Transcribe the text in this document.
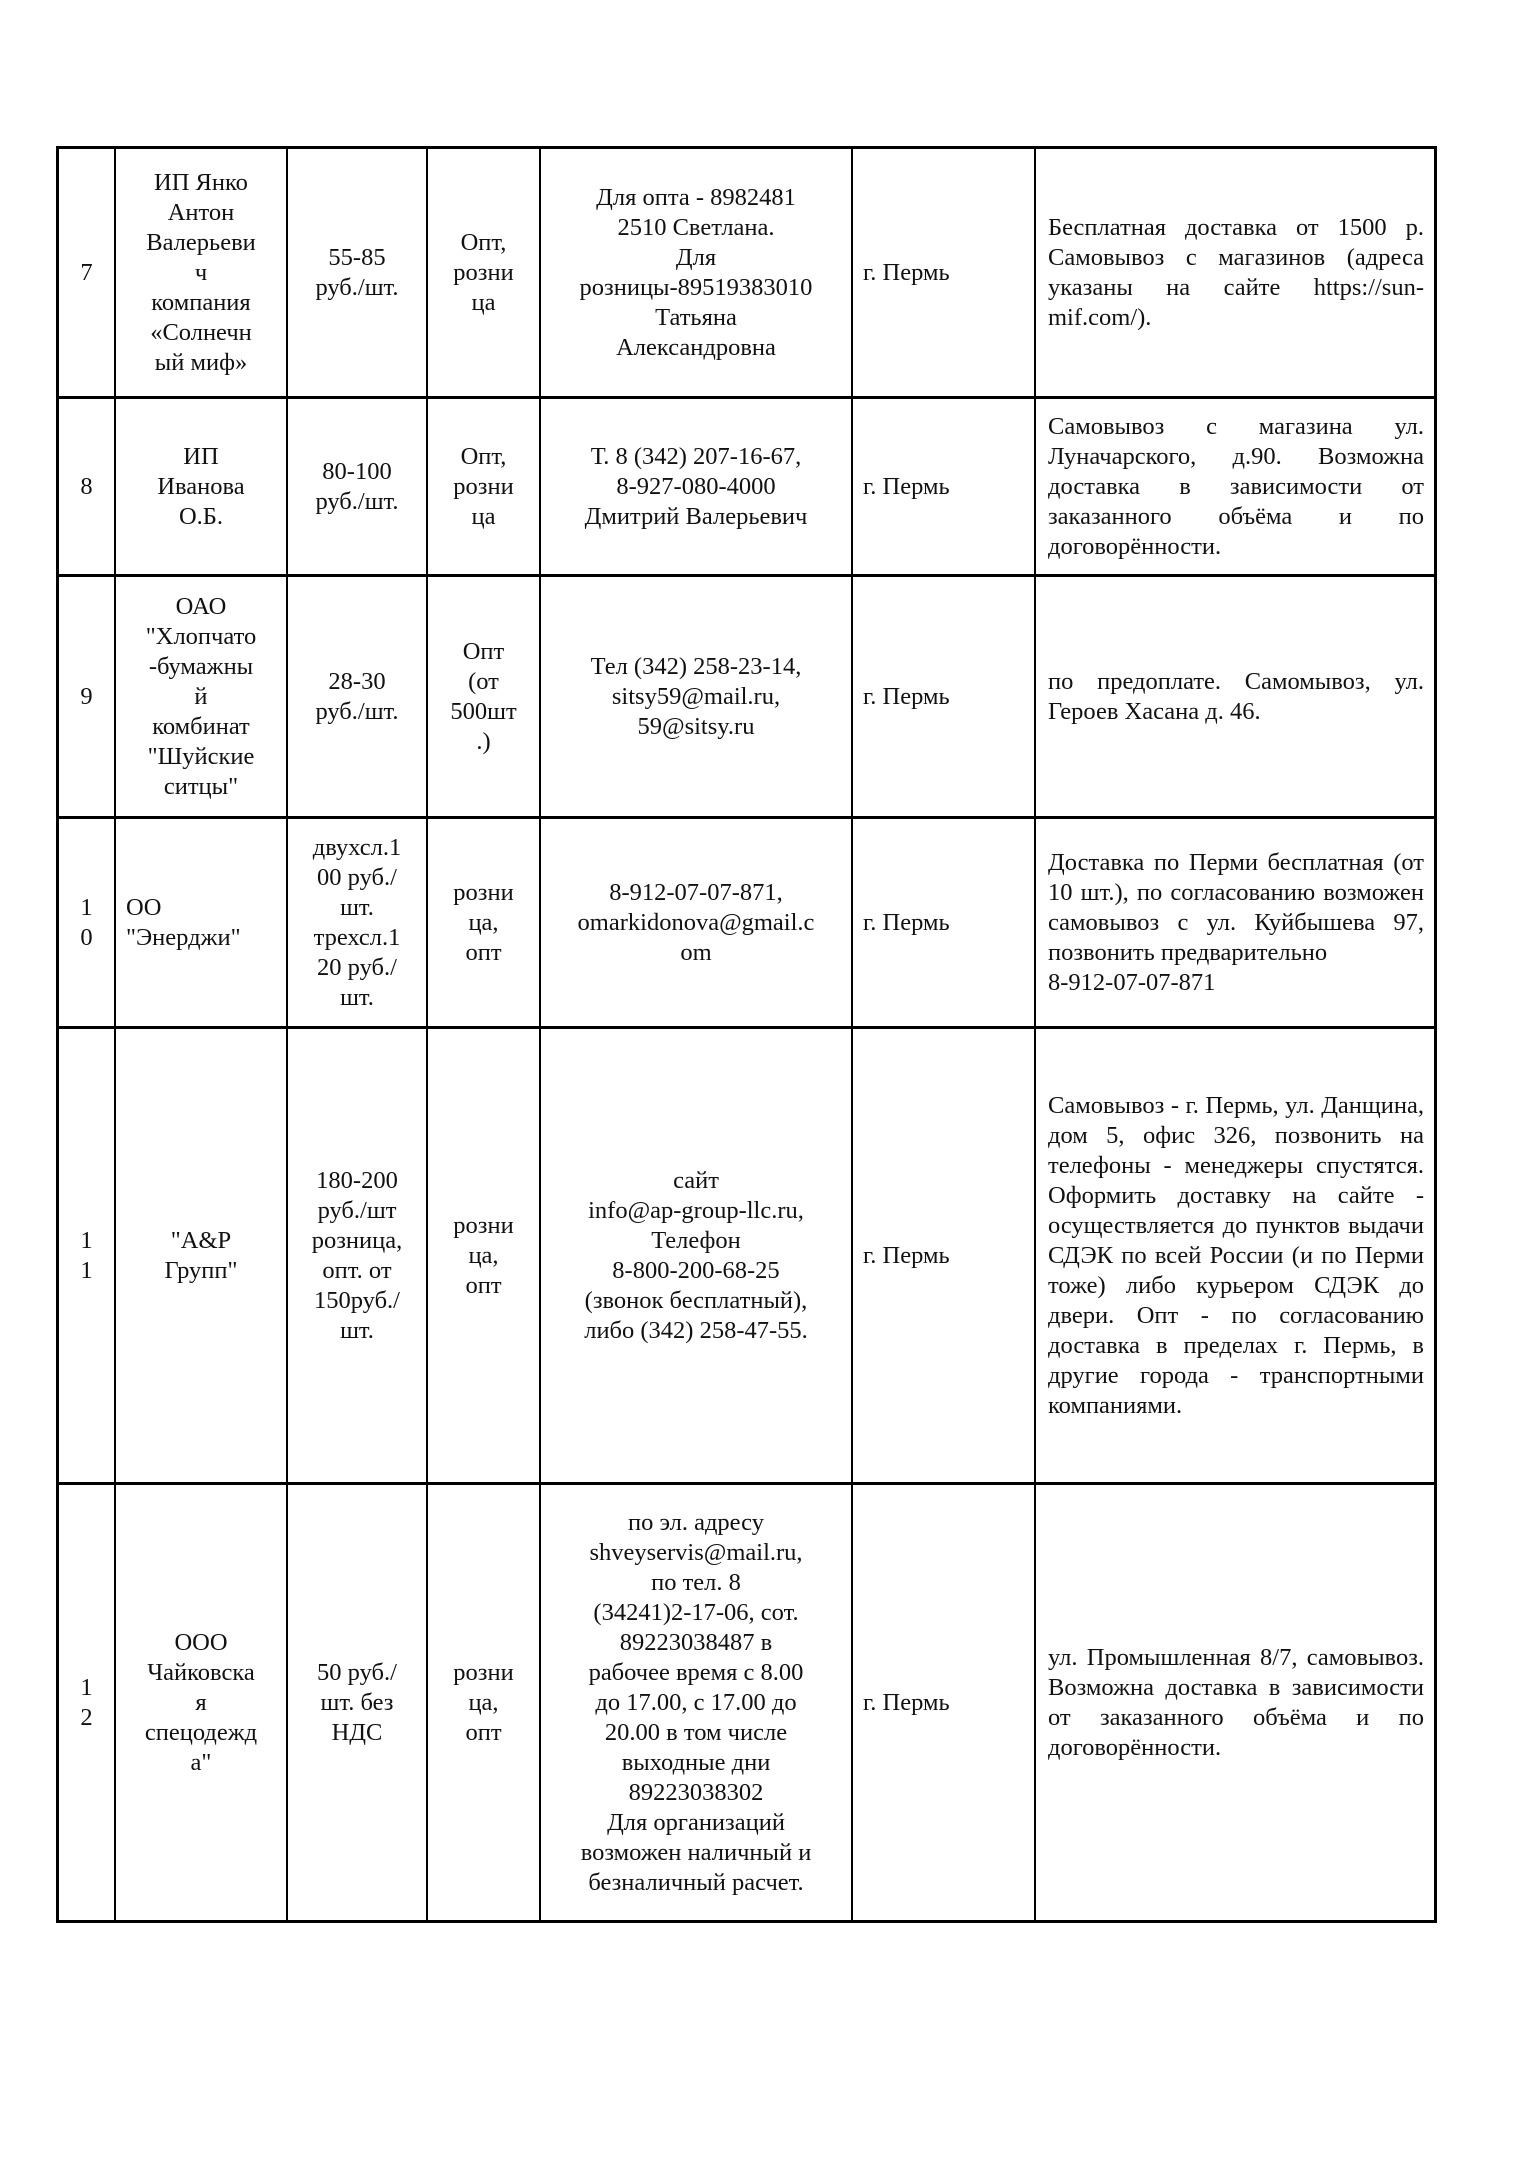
7
ИП Янко
Антон
Валерьеви
ч
компания
«Солнечн
ый миф»
55-85
руб./шт.
Опт,
розни
ца
Для опта - 8982481
2510 Светлана.
Для
розницы-89519383010
Татьяна
Александровна
г. Пермь
Бесплатная доставка от 1500 р. Самовывоз с магазинов (адреса указаны на сайте https://sun-mif.com/).
8
ИП
Иванова
О.Б.
80-100
руб./шт.
Опт,
розни
ца
Т. 8 (342) 207-16-67,
8-927-080-4000
Дмитрий Валерьевич
г. Пермь
Самовывоз с магазина ул. Луначарского, д.90. Возможна доставка в зависимости от заказанного объёма и по договорённости.
9
ОАО
"Хлопчато
-бумажны
й
комбинат
"Шуйские
ситцы"
28-30
руб./шт.
Опт
(от
500шт
.)
Тел (342) 258-23-14,
sitsy59@mail.ru,
59@sitsy.ru
г. Пермь
по предоплате. Самомывоз, ул. Героев Хасана д. 46.
1
0
ОО
"Энерджи"
двухсл.1
00 руб./
шт.
трехсл.1
20 руб./
шт.
розни
ца,
опт
8-912-07-07-871,
omarkidonova@gmail.c
om
г. Пермь
Доставка по Перми бесплатная (от 10 шт.), по согласованию возможен самовывоз с ул. Куйбышева 97, позвонить предварительно
8-912-07-07-871
1
1
"A&P
Групп"
180-200
руб./шт
розница,
опт. от
150руб./
шт.
розни
ца,
опт
сайт
info@ap-group-llc.ru,
Телефон
8-800-200-68-25
(звонок бесплатный),
либо (342) 258-47-55.
г. Пермь
Самовывоз - г. Пермь, ул. Данщина, дом 5, офис 326, позвонить на телефоны - менеджеры спустятся. Оформить доставку на сайте - осуществляется до пунктов выдачи СДЭК по всей России (и по Перми тоже) либо курьером СДЭК до двери. Опт - по согласованию доставка в пределах г. Пермь, в другие города - транспортными компаниями.
1
2
ООО
Чайковска
я
спецодежд
а"
50 руб./
шт. без
НДС
розни
ца,
опт
по эл. адресу
shveyservis@mail.ru,
по тел. 8
(34241)2-17-06, сот.
89223038487 в
рабочее время с 8.00
до 17.00, с 17.00 до
20.00 в том числе
выходные дни
89223038302
Для организаций
возможен наличный и
безналичный расчет.
г. Пермь
ул. Промышленная 8/7, самовывоз. Возможна доставка в зависимости от заказанного объёма и по договорённости.
